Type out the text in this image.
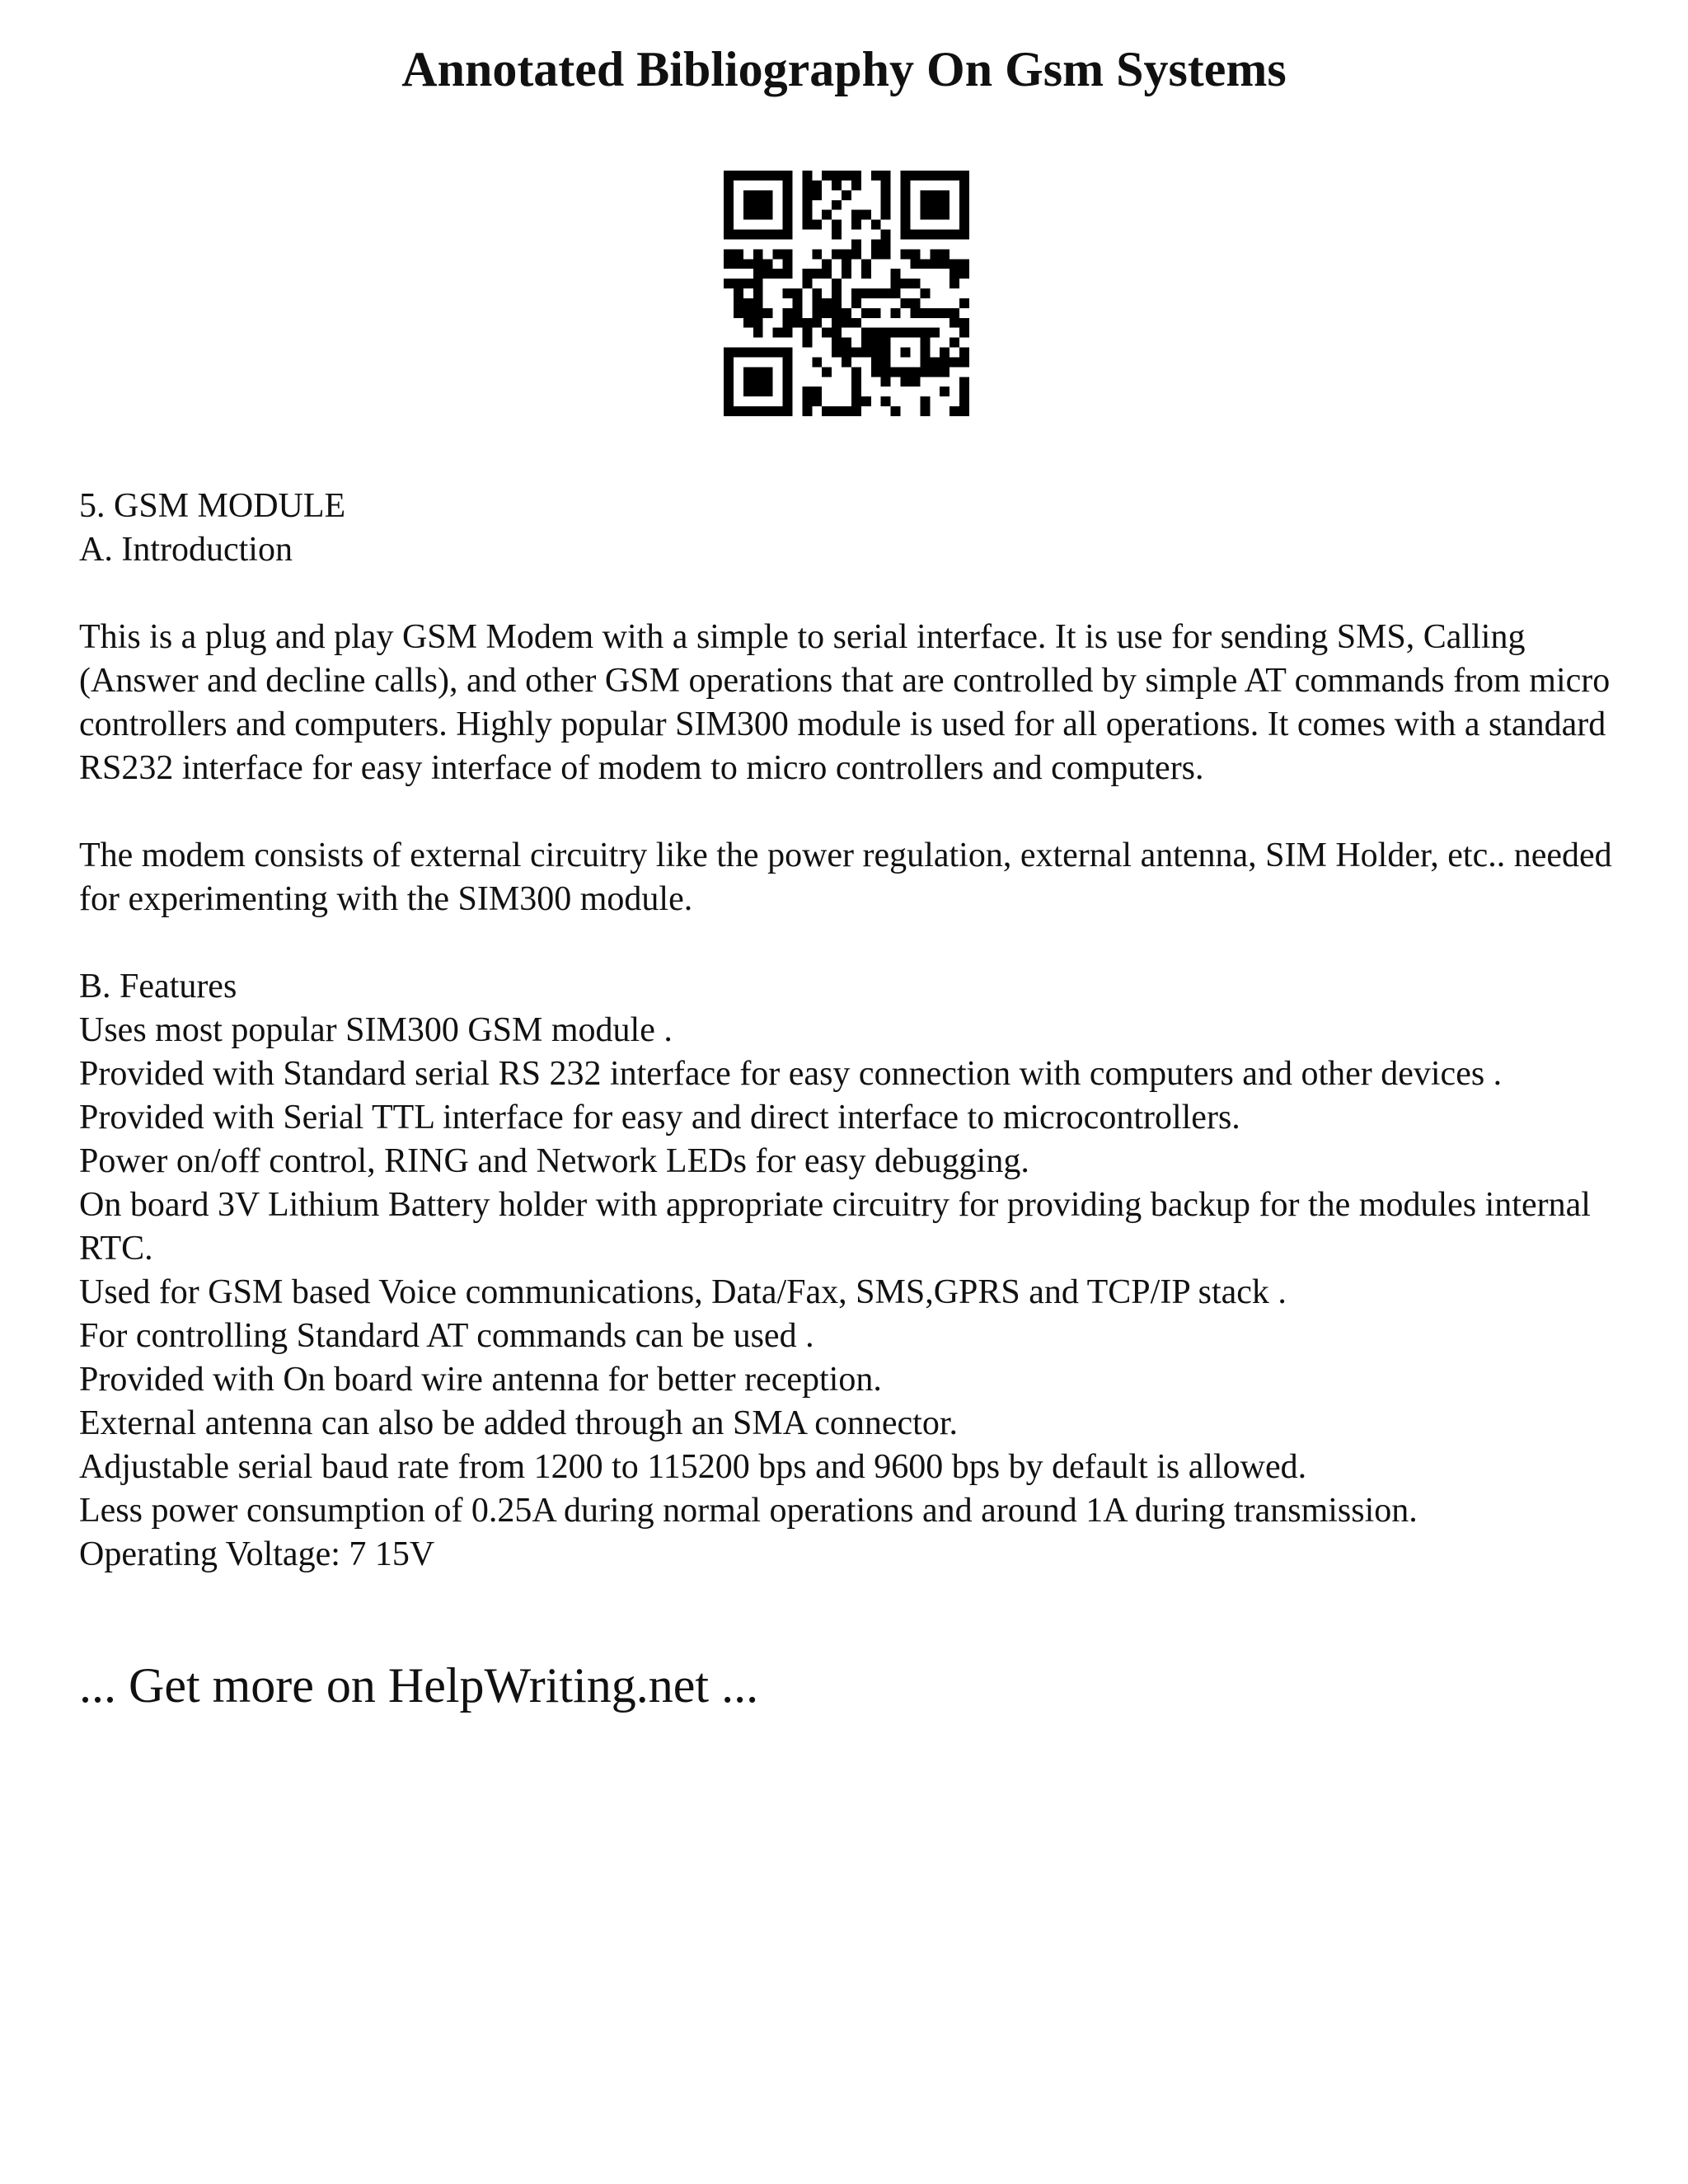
Annotated Bibliography On Gsm Systems

5. GSM MODULE

A. Introduction

This is a plug and play GSM Modem with a simple to serial interface. It is use for sending SMS, Calling (Answer and decline calls), and other GSM operations that are controlled by simple AT commands from micro controllers and computers. Highly popular SIM300 module is used for all operations. It comes with a standard RS232 interface for easy interface of modem to micro controllers and computers.

The modem consists of external circuitry like the power regulation, external antenna, SIM Holder, etc.. needed for experimenting with the SIM300 module.

B. Features

Uses most popular SIM300 GSM module .

Provided with Standard serial RS 232 interface for easy connection with computers and other devices .

Provided with Serial TTL interface for easy and direct interface to microcontrollers.

Power on/off control, RING and Network LEDs for easy debugging.

On board 3V Lithium Battery holder with appropriate circuitry for providing backup for the modules internal RTC.

Used for GSM based Voice communications, Data/Fax, SMS,GPRS and TCP/IP stack .

For controlling Standard AT commands can be used .

Provided with On board wire antenna for better reception.

External antenna can also be added through an SMA connector.

Adjustable serial baud rate from 1200 to 115200 bps and 9600 bps by default is allowed.

Less power consumption of 0.25A during normal operations and around 1A during transmission.

Operating Voltage: 7 15V

... Get more on HelpWriting.net ...
